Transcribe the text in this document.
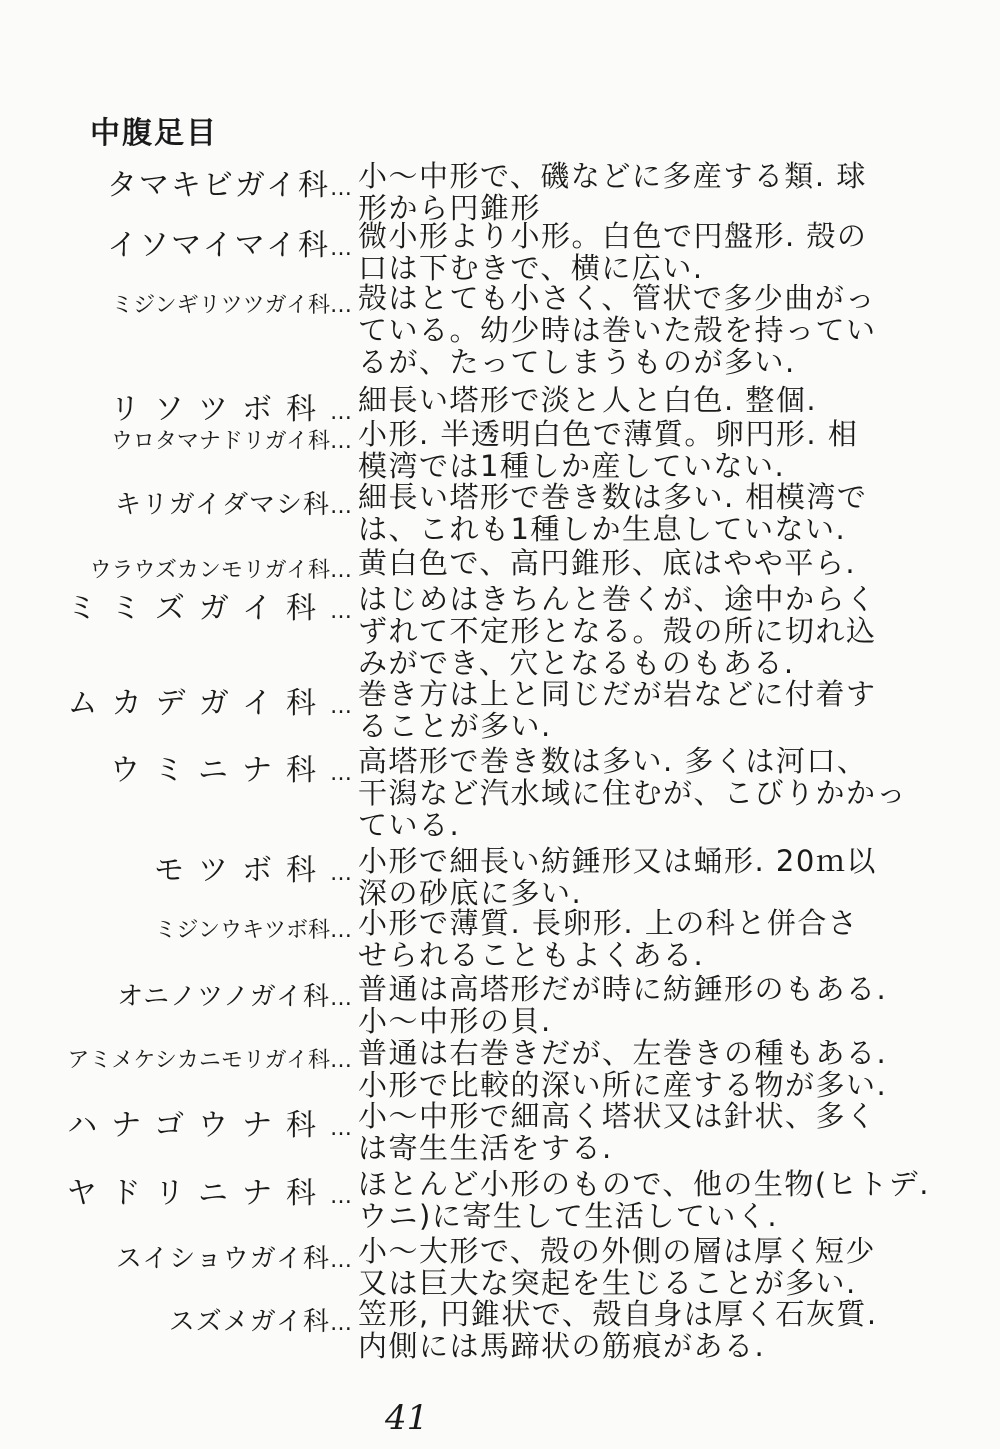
中腹足目
タマキビガイ科… 小〜中形で、磯などに多産する類. 球
形から円錐形
イソマイマイ科… 微小形より小形。白色で円盤形. 殻の
口は下むきで、横に広い.
ミジンギリツツガイ科… 殻はとても小さく、管状で多少曲がっ
ている。幼少時は巻いた殻を持ってい
るが、たってしまうものが多い.
リソツボ科… 細長い塔形で淡と人と白色. 整個.
ウロタマナドリガイ科… 小形. 半透明白色で薄質。卵円形. 相
模湾では1種しか産していない.
キリガイダマシ科… 細長い塔形で巻き数は多い. 相模湾で
は、これも1種しか生息していない.
ウラウズカンモリガイ科… 黄白色で、高円錐形、底はやや平ら.
ミミズガイ科… はじめはきちんと巻くが、途中からく
ずれて不定形となる。殻の所に切れ込
みができ、穴となるものもある.
ムカデガイ科… 巻き方は上と同じだが岩などに付着す
ることが多い.
ウミニナ科… 高塔形で巻き数は多い. 多くは河口、
干潟など汽水域に住むが、こびりかかっ
ている.
モツボ科… 小形で細長い紡錘形又は蛹形. 20ｍ以
深の砂底に多い.
ミジンウキツボ科… 小形で薄質. 長卵形. 上の科と併合さ
せられることもよくある.
オニノツノガイ科… 普通は高塔形だが時に紡錘形のもある.
小〜中形の貝.
アミメケシカニモリガイ科… 普通は右巻きだが、左巻きの種もある.
小形で比較的深い所に産する物が多い.
ハナゴウナ科… 小〜中形で細高く塔状又は針状、多く
は寄生生活をする.
ヤドリニナ科… ほとんど小形のもので、他の生物(ヒトデ.
ウニ)に寄生して生活していく.
スイショウガイ科… 小〜大形で、殻の外側の層は厚く短少
又は巨大な突起を生じることが多い.
スズメガイ科… 笠形, 円錐状で、殻自身は厚く石灰質.
内側には馬蹄状の筋痕がある.
41
